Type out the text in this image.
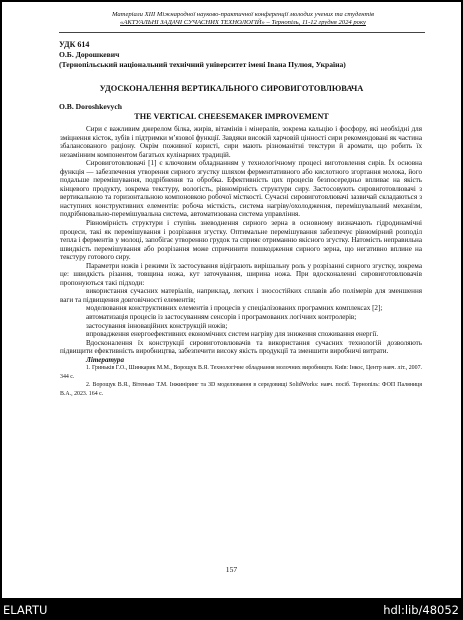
Матеріали XIII Міжнародної науково-практичної конференції молодих учених та студентів
«АКТУАЛЬНІ ЗАДАЧІ СУЧАСНИХ ТЕХНОЛОГІЙ» – Тернопіль, 11-12 грудня 2024 року
УДК 614
О.Б. Дорошкевич
(Тернопільський національний технічний університет імені Івана Пулюя, Україна)
УДОСКОНАЛЕННЯ ВЕРТИКАЛЬНОГО СИРОВИГОТОВЛЮВАЧА
O.B. Doroshkevych
THE VERTICAL CHEESEMAKER IMPROVEMENT

Сири є важливим джерелом білка, жирів, вітамінів і мінералів, зокрема кальцію і фосфору, які необхідні для зміцнення кісток, зубів і підтримки м’язової функції. Завдяки високій харчовій цінності сири рекомендовані як частина збалансованого раціону. Окрім поживної користі, сири мають різноманітні текстури й аромати, що робить їх незамінним компонентом багатьох кулінарних традицій.

Сировиготовлювачі [1] є ключовим обладнанням у технологічному процесі виготовлення сирів. Їх основна функція — забезпечення утворення сирного згустку шляхом ферментативного або кислотного згортання молока, його подальше перемішування, подрібнення та обробка. Ефективність цих процесів безпосередньо впливає на якість кінцевого продукту, зокрема текстуру, вологість, рівномірність структури сиру. Застосовують сировиготовлювачі з вертикальною та горизонтальною компоновкою робочої місткості. Сучасні сировиготовлювачі зазвичай складаються з наступних конструктивних елементів: робоча місткість, система нагріву/охолодження, перемішувальний механізм, подрібнювально-перемішувальна система, автоматизована система управління.

Рівномірність структури і ступінь зневоднення сирного зерна в основному визначають гідродинамічні процеси, такі як перемішування і розрізання згустку. Оптимальне перемішування забезпечує рівномірний розподіл тепла і ферментів у молоці, запобігає утворенню грудок та сприяє отриманню якісного згустку. Натомість неправильна швидкість перемішування або розрізання може спричинити пошкодження сирного зерна, що негативно вплине на текстуру готового сиру.

Параметри ножів і режими їх застосування відіграють вирішальну роль у розрізанні сирного згустку, зокрема це: швидкість різання, товщина ножа, кут заточування, ширина ножа. При вдосконаленні сировиготовлювачів пропонуються такі підходи:

використання сучасних матеріалів, наприклад, легких і зносостійких сплавів або полімерів для зменшення ваги та підвищення довговічності елементів;

моделювання конструктивних елементів і процесів у спеціалізованих програмних комплексах [2];

автоматизація процесів із застосуванням сенсорів і програмованих логічних контролерів;

застосування інноваційних конструкцій ножів;

впровадження енергоефективних економічних систем нагріву для зниження споживання енергії.

Вдосконалення їх конструкції сировиготовлювачів та використання сучасних технологій дозволяють підвищити ефективність виробництва, забезпечити високу якість продукції та зменшити виробничі витрати.

Література

1. Гриньків Г.О., Шинкарик М.М., Ворощук В.Я. Технологічне обладнання молочних виробництв. Київ: Інкос, Центр навч. літ., 2007. 344 с.

2. Ворощук В.Я., Вітенько Т.М. Інжиніринг та 3D моделювання в середовищі SolidWorks: навч. посіб. Тернопіль: ФОП Паляниця В.А., 2023. 164 с.

157
ELARTU	hdl:lib/48052
